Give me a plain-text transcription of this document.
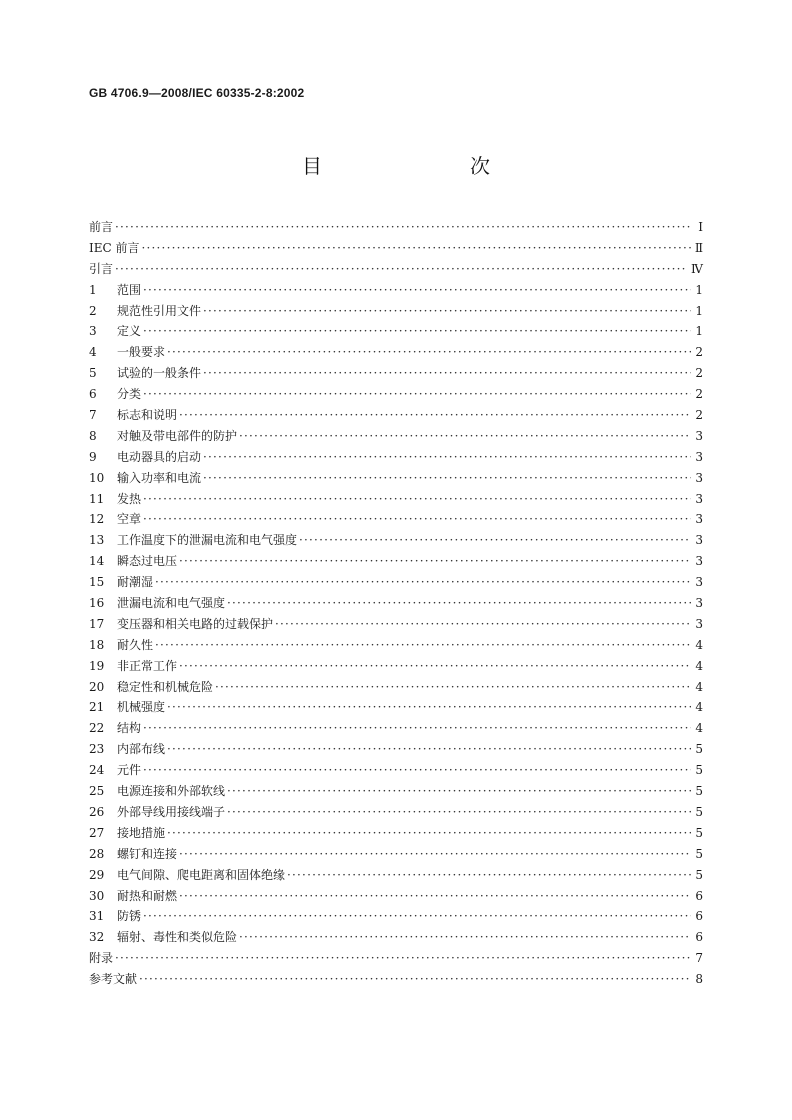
GB 4706.9—2008/IEC 60335-2-8:2002
目　　次
前言 ·····	Ⅰ
IEC 前言 ·····	Ⅱ
引言 ·····	Ⅳ
1	范围 ·····	1
2	规范性引用文件 ·····	1
3	定义 ·····	1
4	一般要求 ·····	2
5	试验的一般条件 ·····	2
6	分类 ·····	2
7	标志和说明 ·····	2
8	对触及带电部件的防护 ·····	3
9	电动器具的启动 ·····	3
10	输入功率和电流 ·····	3
11	发热 ·····	3
12	空章 ·····	3
13	工作温度下的泄漏电流和电气强度 ·····	3
14	瞬态过电压 ·····	3
15	耐潮湿 ·····	3
16	泄漏电流和电气强度 ·····	3
17	变压器和相关电路的过载保护 ·····	3
18	耐久性 ·····	4
19	非正常工作 ·····	4
20	稳定性和机械危险 ·····	4
21	机械强度 ·····	4
22	结构 ·····	4
23	内部布线 ·····	5
24	元件 ·····	5
25	电源连接和外部软线 ·····	5
26	外部导线用接线端子 ·····	5
27	接地措施 ·····	5
28	螺钉和连接 ·····	5
29	电气间隙、爬电距离和固体绝缘 ·····	5
30	耐热和耐燃 ·····	6
31	防锈 ·····	6
32	辐射、毒性和类似危险 ·····	6
附录 ·····	7
参考文献 ·····	8
